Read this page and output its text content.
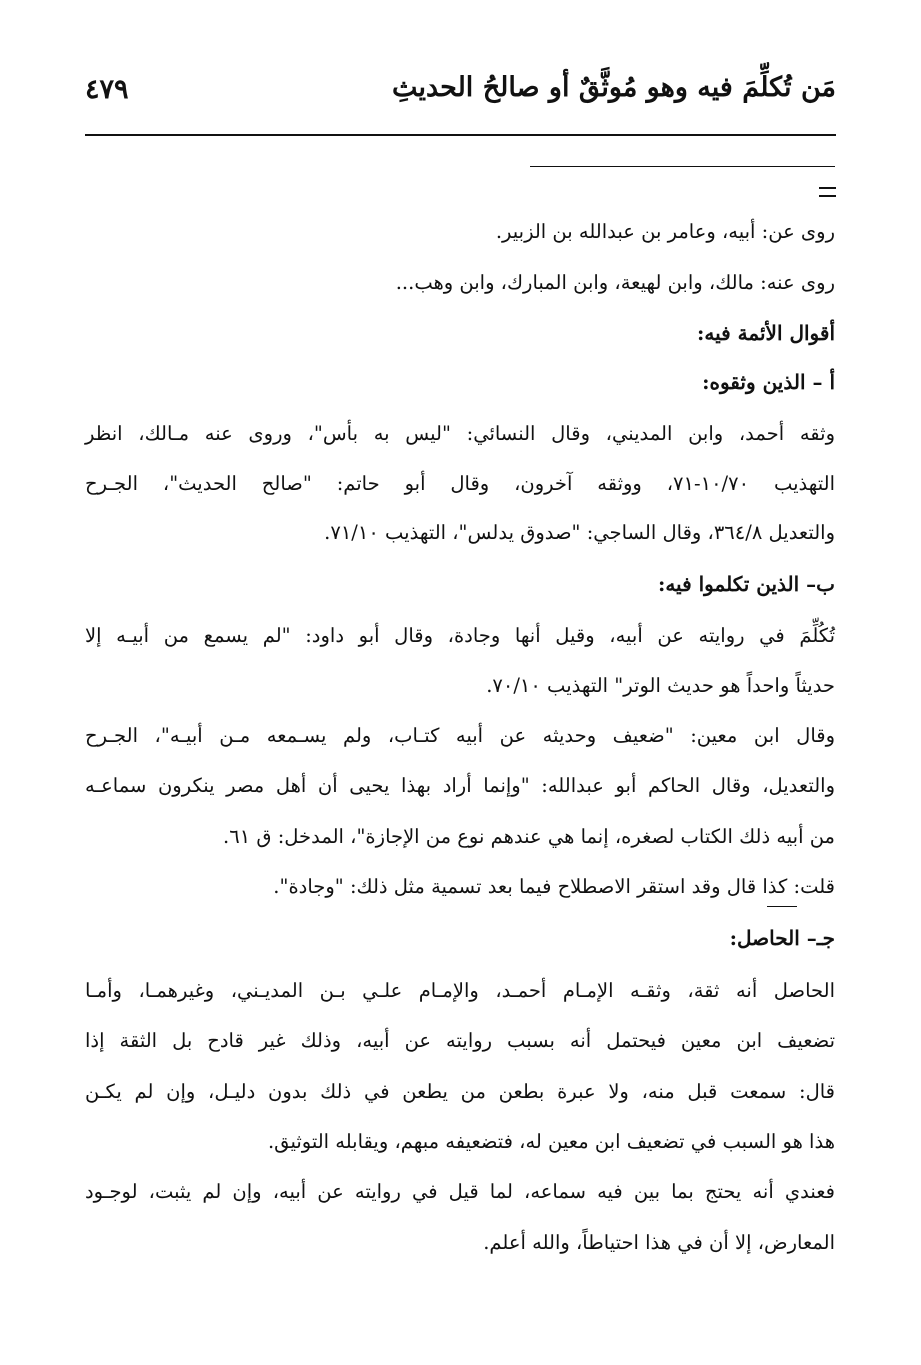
مَن تُكلِّمَ فيه وهو مُوثَّقٌ أو صالحُ الحديثِ
٤٧٩
روى عن: أبيه، وعامر بن عبدالله بن الزبير.
روى عنه: مالك، وابن لهيعة، وابن المبارك، وابن وهب...
أقوال الأئمة فيه:
أ – الذين وثقوه:
وثقه أحمد، وابن المديني، وقال النسائي: "ليس به بأس"، وروى عنه مـالك، انظر
التهذيب ١٠/٧٠-٧١، ووثقه آخرون، وقال أبو حاتم: "صالح الحديث"، الجـرح
والتعديل ٣٦٤/٨، وقال الساجي: "صدوق يدلس"، التهذيب ٧١/١٠.
ب– الذين تكلموا فيه:
تُكُلِّمَ في روايته عن أبيه، وقيل أنها وجادة، وقال أبو داود: "لم يسمع من أبيـه إلا
حديثاً واحداً هو حديث الوتر" التهذيب ٧٠/١٠.
وقال ابن معين: "ضعيف وحديثه عن أبيه كتـاب، ولم يسـمعه مـن أبيـه"، الجـرح
والتعديل، وقال الحاكم أبو عبدالله: "وإنما أراد بهذا يحيى أن أهل مصر ينكرون سماعـه
من أبيه ذلك الكتاب لصغره، إنما هي عندهم نوع من الإجازة"، المدخل: ق ٦١.
قلت: كذا قال وقد استقر الاصطلاح فيما بعد تسمية مثل ذلك: "وجادة".
جـ– الحاصل:
الحاصل أنه ثقة، وثقـه الإمـام أحمـد، والإمـام علـي بـن المديـني، وغيرهمـا، وأمـا
تضعيف ابن معين فيحتمل أنه بسبب روايته عن أبيه، وذلك غير قادح بل الثقة إذا
قال: سمعت قبل منه، ولا عبرة بطعن من يطعن في ذلك بدون دليـل، وإن لم يكـن
هذا هو السبب في تضعيف ابن معين له، فتضعيفه مبهم، ويقابله التوثيق.
فعندي أنه يحتج بما بين فيه سماعه، لما قيل في روايته عن أبيه، وإن لم يثبت، لوجـود
المعارض، إلا أن في هذا احتياطاً، والله أعلم.
